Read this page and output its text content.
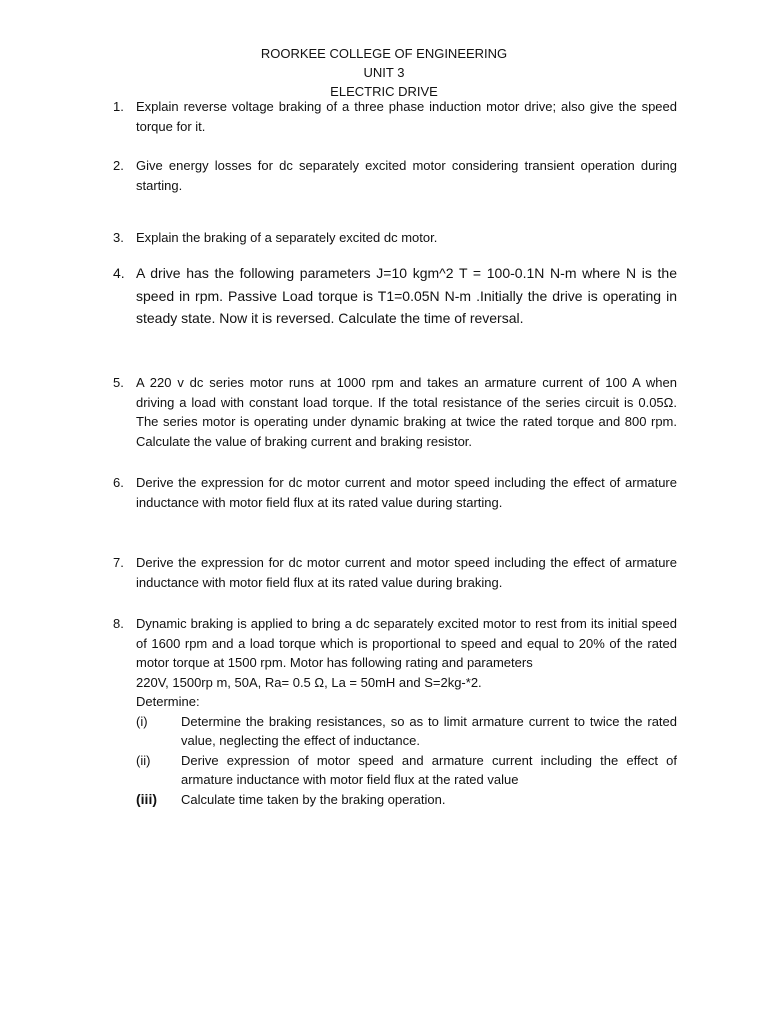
ROORKEE COLLEGE OF ENGINEERING
UNIT 3
ELECTRIC DRIVE
1. Explain reverse voltage braking of a three phase induction motor drive; also give the speed torque for it.
2. Give energy losses for dc separately excited motor considering transient operation during starting.
3. Explain the braking of a separately excited dc motor.
4. A drive has the following parameters J=10 kgm^2 T = 100-0.1N N-m where N is the speed in rpm. Passive Load torque is T1=0.05N N-m .Initially the drive is operating in steady state. Now it is reversed. Calculate the time of reversal.
5. A 220 v dc series motor runs at 1000 rpm and takes an armature current of 100 A when driving a load with constant load torque. If the total resistance of the series circuit is 0.05Ω. The series motor is operating under dynamic braking at twice the rated torque and 800 rpm. Calculate the value of braking current and braking resistor.
6. Derive the expression for dc motor current and motor speed including the effect of armature inductance with motor field flux at its rated value during starting.
7. Derive the expression for dc motor current and motor speed including the effect of armature inductance with motor field flux at its rated value during braking.
8. Dynamic braking is applied to bring a dc separately excited motor to rest from its initial speed of 1600 rpm and a load torque which is proportional to speed and equal to 20% of the rated motor torque at 1500 rpm. Motor has following rating and parameters
220V, 1500rp m, 50A, Ra= 0.5 Ω, La = 50mH and S=2kg-*2.
Determine:
(i)	Determine the braking resistances, so as to limit armature current to twice the rated value, neglecting the effect of inductance.
(ii) Derive expression of motor speed and armature current including the effect of armature inductance with motor field flux at the rated value
(iii) Calculate time taken by the braking operation.
